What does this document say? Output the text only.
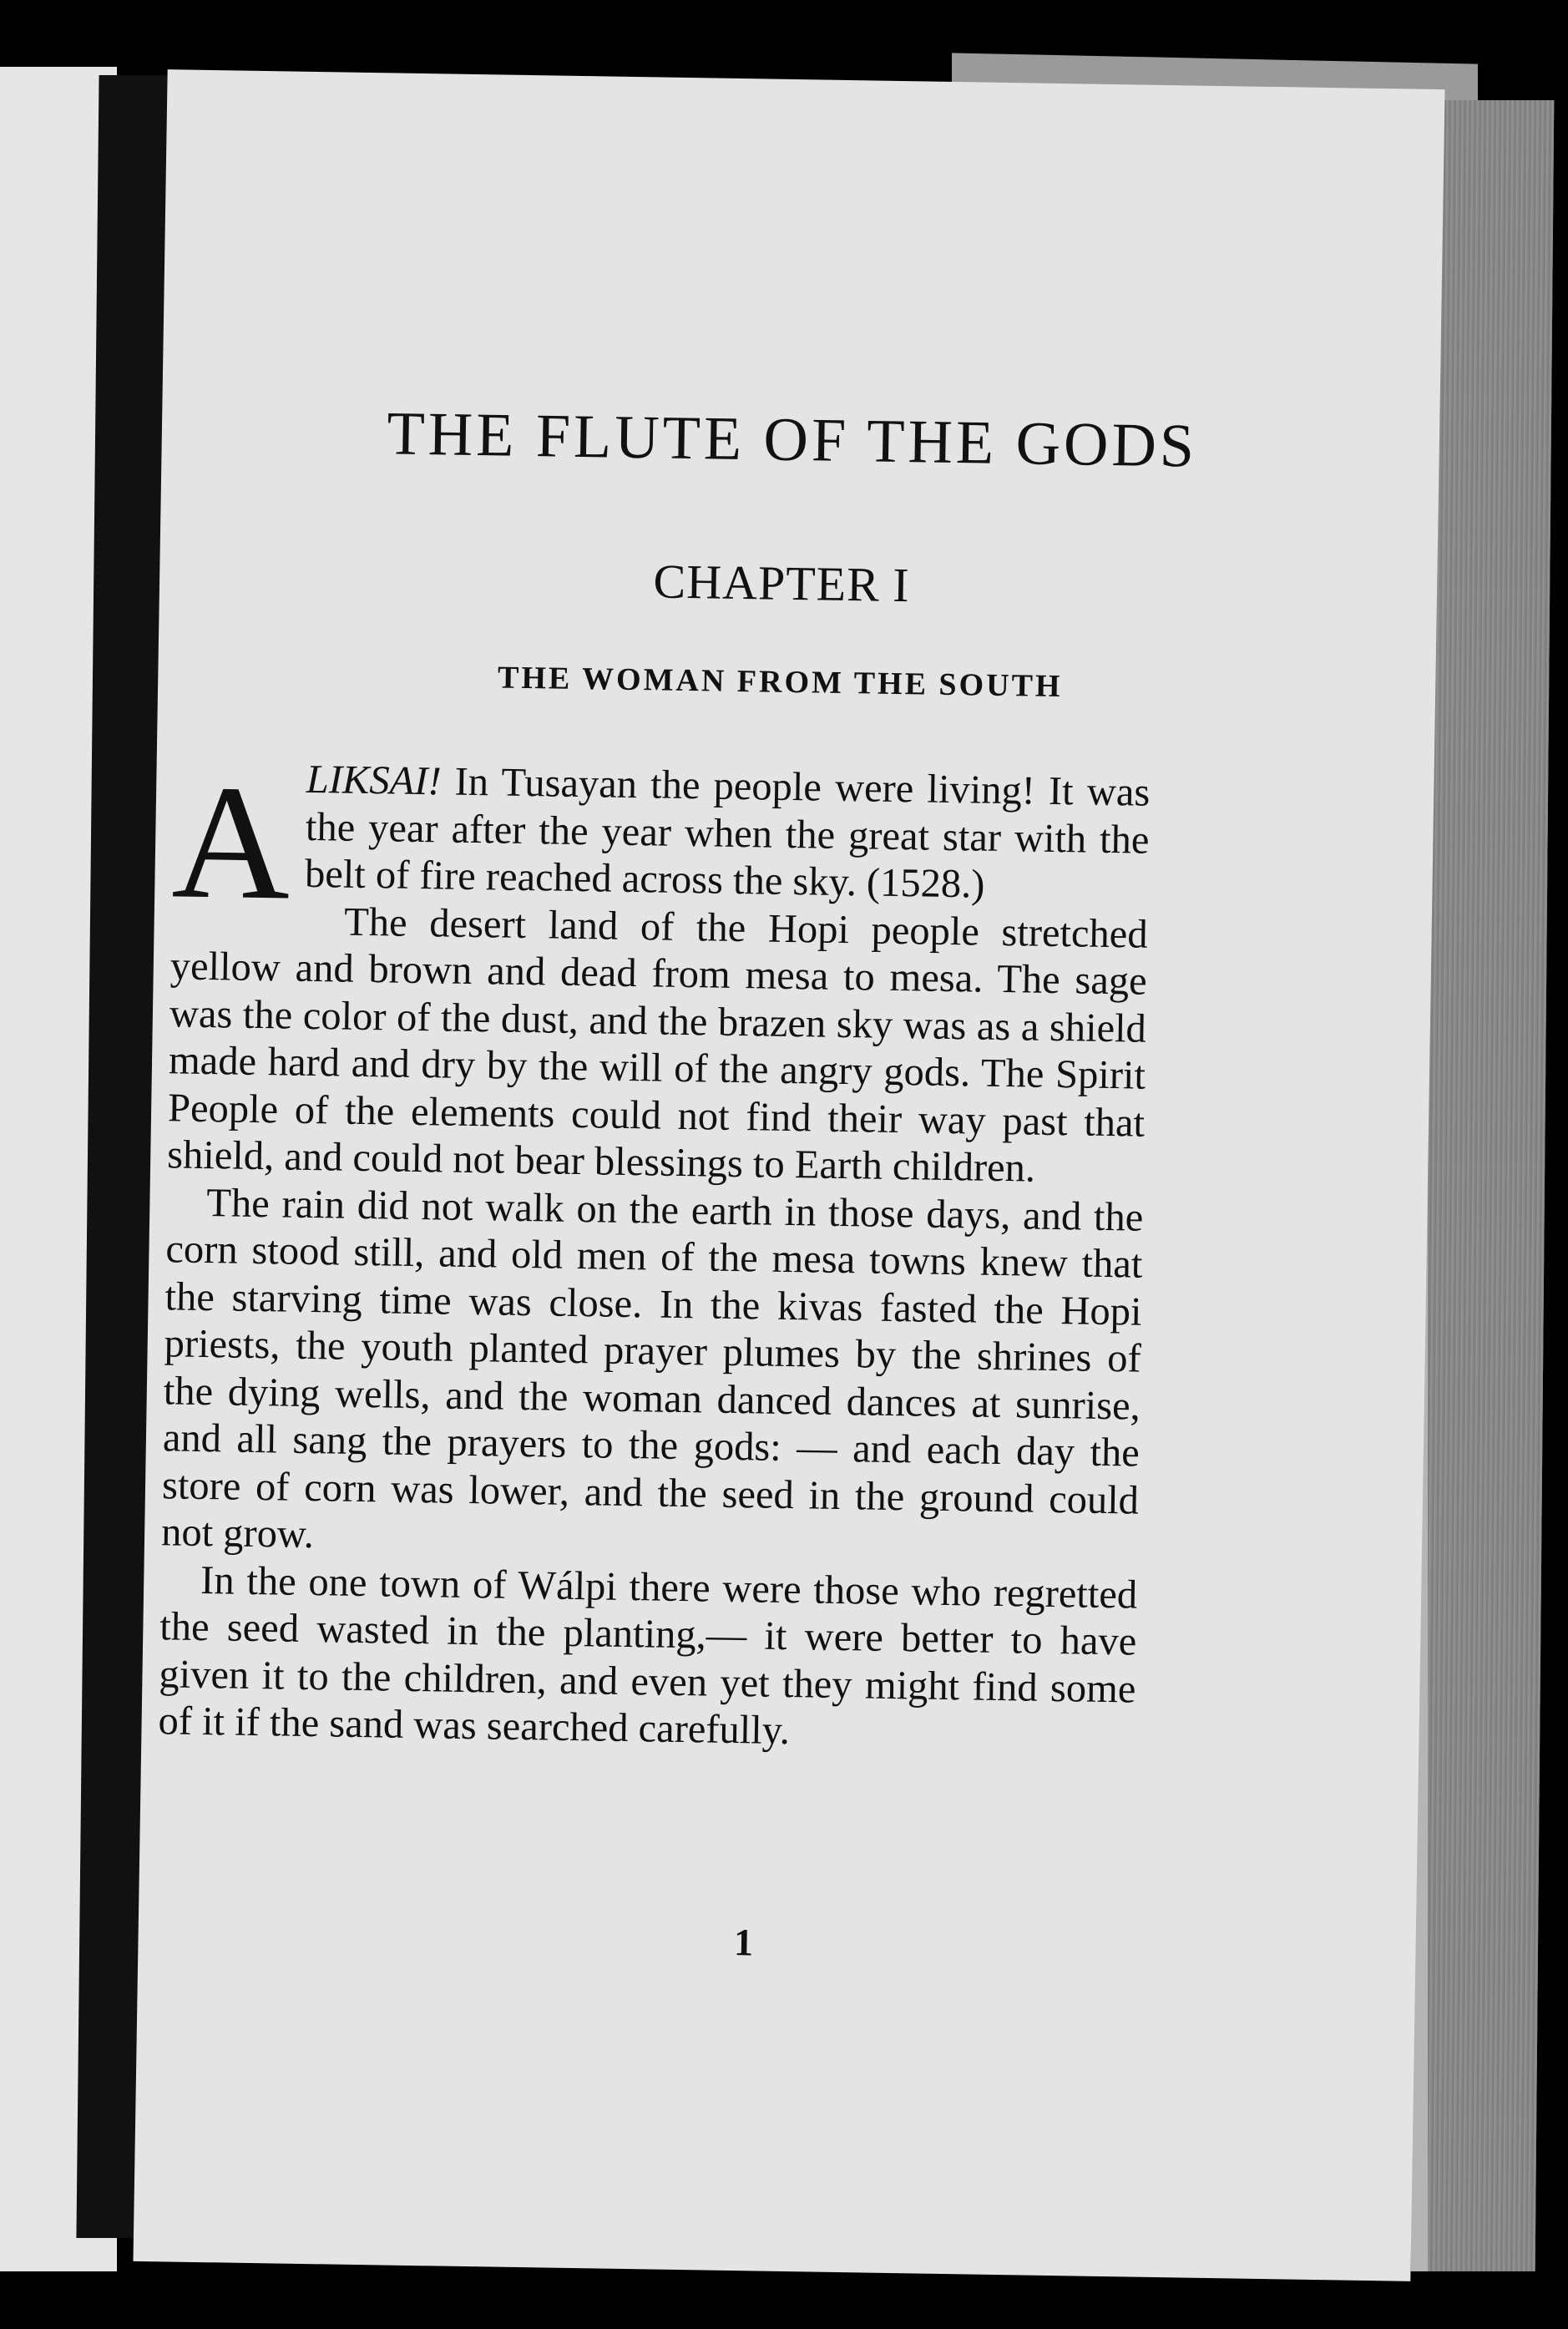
THE FLUTE OF THE GODS
CHAPTER I
THE WOMAN FROM THE SOUTH

ALIKSAI! In Tusayan the people were living! It was the year after the year when the great star with the belt of fire reached across the sky. (1528.)

The desert land of the Hopi people stretched yellow and brown and dead from mesa to mesa. The sage was the color of the dust, and the brazen sky was as a shield made hard and dry by the will of the angry gods. The Spirit People of the elements could not find their way past that shield, and could not bear blessings to Earth children.

The rain did not walk on the earth in those days, and the corn stood still, and old men of the mesa towns knew that the starving time was close. In the kivas fasted the Hopi priests, the youth planted prayer plumes by the shrines of the dying wells, and the woman danced dances at sunrise, and all sang the prayers to the gods: — and each day the store of corn was lower, and the seed in the ground could not grow.

In the one town of Wálpi there were those who regretted the seed wasted in the planting,— it were better to have given it to the children, and even yet they might find some of it if the sand was searched carefully.

1
